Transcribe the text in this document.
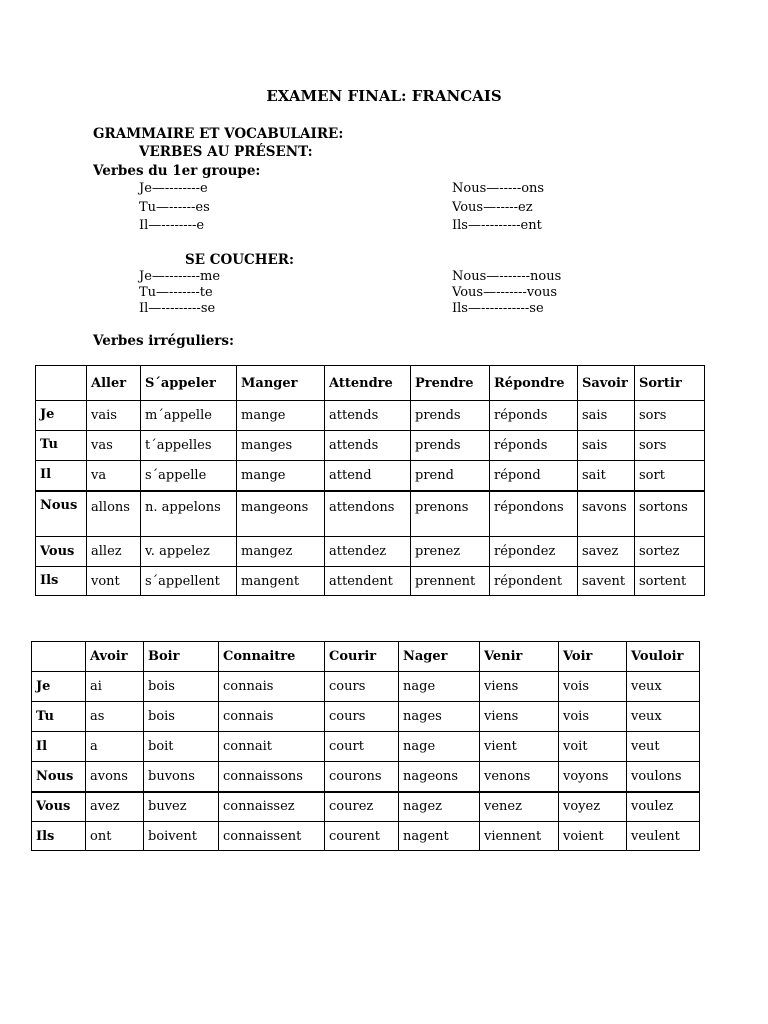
EXAMEN FINAL: FRANCAIS
GRAMMAIRE ET VOCABULAIRE:
VERBES AU PRÉSENT:
Verbes du 1er groupe:
Je—--------e
Tu—------es
Il—--------e
Nous—-----ons
Vous—-----ez
Ils—---------ent
SE COUCHER:
Je—--------me
Tu—-------te
Il—---------se
Nous—-------nous
Vous—-------vous
Ils—-----------se
Verbes irréguliers:
	Aller	S´appeler	Manger	Attendre	Prendre	Répondre	Savoir	Sortir
Je	vais	m´appelle	mange	attends	prends	réponds	sais	sors
Tu	vas	t´appelles	manges	attends	prends	réponds	sais	sors
Il	va	s´appelle	mange	attend	prend	répond	sait	sort
Nous	allons	n. appelons	mangeons	attendons	prenons	répondons	savons	sortons
Vous	allez	v. appelez	mangez	attendez	prenez	répondez	savez	sortez
Ils	vont	s´appellent	mangent	attendent	prennent	répondent	savent	sortent
	Avoir	Boir	Connaitre	Courir	Nager	Venir	Voir	Vouloir
Je	ai	bois	connais	cours	nage	viens	vois	veux
Tu	as	bois	connais	cours	nages	viens	vois	veux
Il	a	boit	connait	court	nage	vient	voit	veut
Nous	avons	buvons	connaissons	courons	nageons	venons	voyons	voulons
Vous	avez	buvez	connaissez	courez	nagez	venez	voyez	voulez
Ils	ont	boivent	connaissent	courent	nagent	viennent	voient	veulent
